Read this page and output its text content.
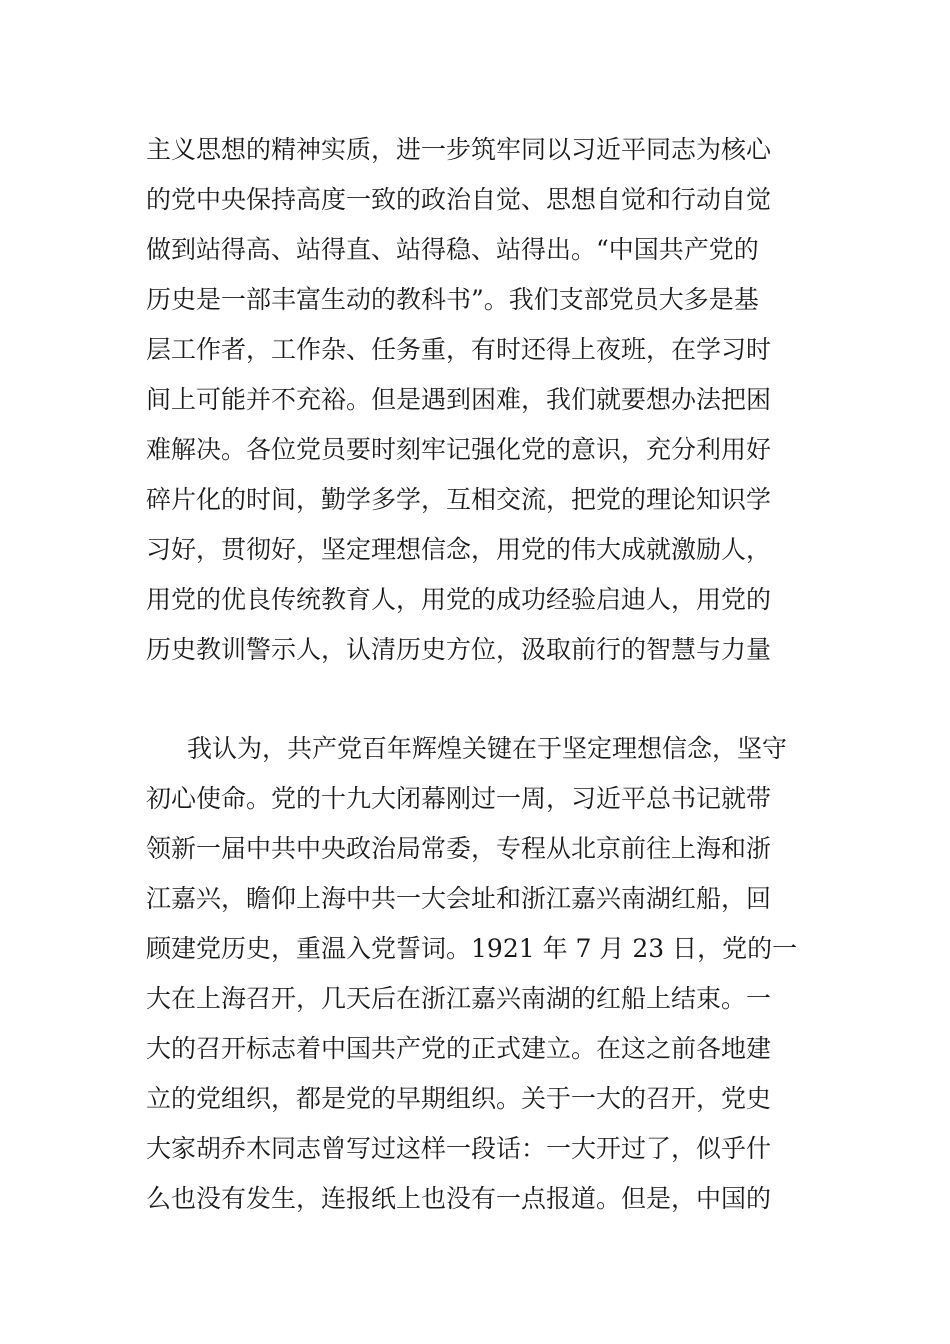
主义思想的精神实质，进一步筑牢同以习近平同志为核心
的党中央保持高度一致的政治自觉、思想自觉和行动自觉
做到站得高、站得直、站得稳、站得出。“中国共产党的
历史是一部丰富生动的教科书”。我们支部党员大多是基
层工作者，工作杂、任务重，有时还得上夜班，在学习时
间上可能并不充裕。但是遇到困难，我们就要想办法把困
难解决。各位党员要时刻牢记强化党的意识，充分利用好
碎片化的时间，勤学多学，互相交流，把党的理论知识学
习好，贯彻好，坚定理想信念，用党的伟大成就激励人，
用党的优良传统教育人，用党的成功经验启迪人，用党的
历史教训警示人，认清历史方位，汲取前行的智慧与力量

我认为，共产党百年辉煌关键在于坚定理想信念，坚守
初心使命。党的十九大闭幕刚过一周，习近平总书记就带
领新一届中共中央政治局常委，专程从北京前往上海和浙
江嘉兴，瞻仰上海中共一大会址和浙江嘉兴南湖红船，回
顾建党历史，重温入党誓词。1921 年 7 月 23 日，党的一
大在上海召开，几天后在浙江嘉兴南湖的红船上结束。一
大的召开标志着中国共产党的正式建立。在这之前各地建
立的党组织，都是党的早期组织。关于一大的召开，党史
大家胡乔木同志曾写过这样一段话：一大开过了，似乎什
么也没有发生，连报纸上也没有一点报道。但是，中国的
